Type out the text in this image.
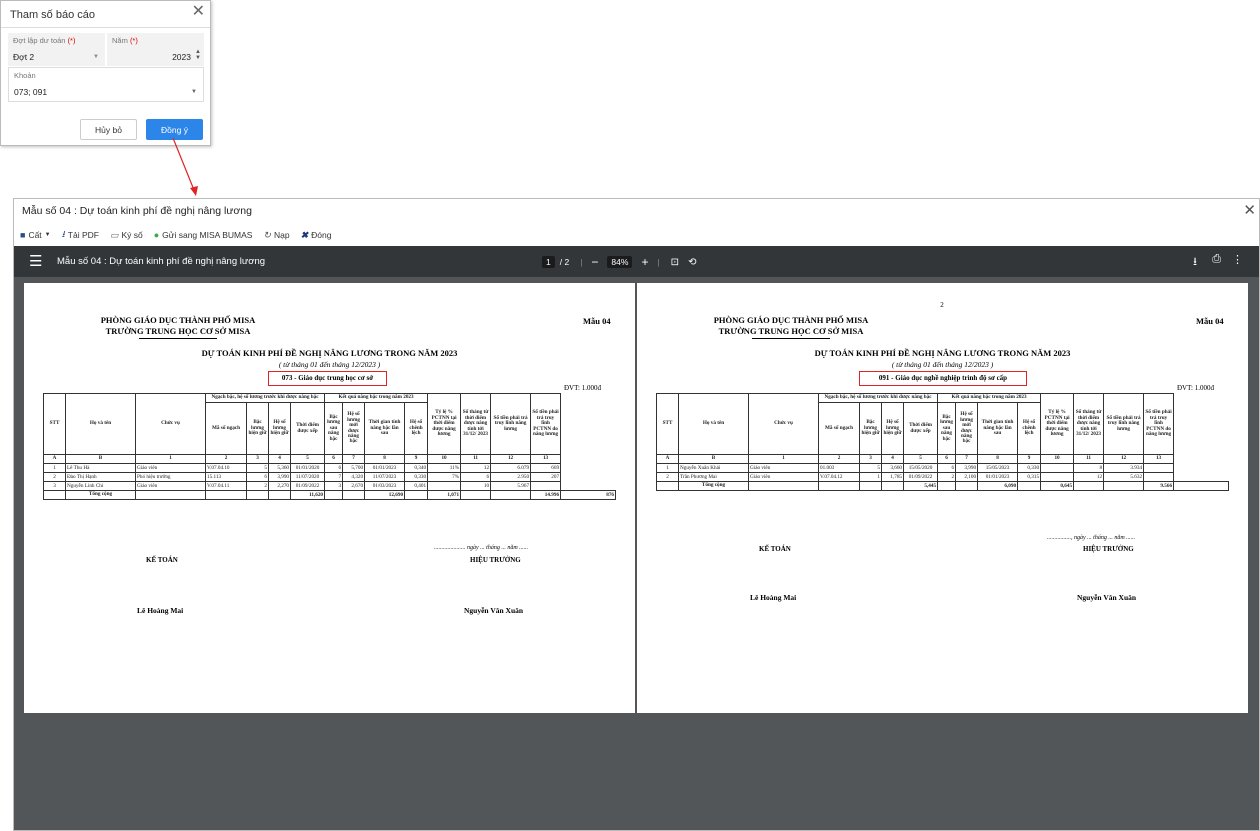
Tham số báo cáo	✕
Đợt lập dư toán (*)
Đợt 2	▼
Năm (*)
2023 ▲
▼
Khoản
073; 091	▼
Hủy bỏ	Đồng ý
Mẫu số 04 : Dự toán kinh phí đề nghị nâng lương	✕
■ Cất ▼ ⭳ Tải PDF ▭ Ký số ● Gửi sang MISA BUMAS ↻ Nạp ✖ Đóng
☰ Mẫu số 04 : Dự toán kinh phí đề nghị nâng lương	1	/ 2 | −	84%	+ | ⊡ ⟲	⭳ ⎙ ⋮
PHÒNG GIÁO DỤC THÀNH PHỐ MISA
TRƯỜNG TRUNG HỌC CƠ SỞ MISA
Mẫu 04
DỰ TOÁN KINH PHÍ ĐỀ NGHỊ NÂNG LƯƠNG TRONG NĂM 2023
( từ tháng 01 đến tháng 12/2023 )
073 - Giáo dục trung học cơ sở
ĐVT: 1.000đ
STT	Họ và tên	Chức vụ	Ngạch bậc, hệ số lương trước khi được nâng bậc				Kết quả nâng bậc trong năm 2023				Tỷ lệ % PCTNN tại thời điểm được nâng lương	Số tháng từ thời điểm được nâng tính tới 31/12/ 2023	Số tiền phải trả truy lĩnh nâng lương	Số tiền phải trả truy lĩnh PCTNN do nâng lương	
			Mã số ngạch	Bậc lương hiện giữ	Hệ số lương hiện giữ	Thời điểm được xếp	Bậc lương sau nâng bậc	Hệ số lương mới được nâng bậc	Thời gian tính nâng bậc lần sau	Hệ số chênh lệch					
A	B	1	2	3	4	5	6	7	8	9	10	11	12	13	
1	Lê Thu Hà	Giáo viên	V.07.04.10	5	5,360	01/01/2020	6	5,700	01/01/2023	0,340	11%	12	6.079	669	
2	Đào Thị Hạnh	Phó hiệu trưởng	15.113	6	3,990	11/07/2020	7	4,320	11/07/2023	0,330	7%	6	2.950	207	
3	Nguyễn Linh Chi	Giáo viên	V.07.04.11	2	2,270	01/09/2022	3	2,670	01/03/2023	0,401		10	5.967		
	Tổng cộng					11,620			12,690		1,071			14.996	876
..................... ngày ... tháng ... năm ......
KẾ TOÁN	HIỆU TRƯỞNG
Lê Hoàng Mai	Nguyễn Văn Xuân
2
PHÒNG GIÁO DỤC THÀNH PHỐ MISA
TRƯỜNG TRUNG HỌC CƠ SỞ MISA
Mẫu 04
DỰ TOÁN KINH PHÍ ĐỀ NGHỊ NÂNG LƯƠNG TRONG NĂM 2023
( từ tháng 01 đến tháng 12/2023 )
091 - Giáo dục nghề nghiệp trình độ sơ cấp
ĐVT: 1.000đ
STT	Họ và tên	Chức vụ	Ngạch bậc, hệ số lương trước khi được nâng bậc				Kết quả nâng bậc trong năm 2023				Tỷ lệ % PCTNN tại thời điểm được nâng lương	Số tháng từ thời điểm được nâng tính tới 31/12/ 2023	Số tiền phải trả truy lĩnh nâng lương	Số tiền phải trả truy lĩnh PCTNN do nâng lương	
			Mã số ngạch	Bậc lương hiện giữ	Hệ số lương hiện giữ	Thời điểm được xếp	Bậc lương sau nâng bậc	Hệ số lương mới được nâng bậc	Thời gian tính nâng bậc lần sau	Hệ số chênh lệch					
A	B	1	2	3	4	5	6	7	8	9	10	11	12	13	
1	Nguyễn Xuân Khải	Giáo viên	01.003	5	3,660	15/05/2020	6	3,990	15/05/2023	0,330		8	3.934		
2	Trần Phương Mai	Giáo viên	V.07.04.12	1	1,785	01/09/2022	2	2,100	01/01/2023	0,315		12	5.632		
	Tổng cộng					5,445			6,090		0,645			9.566	
................, ngày ... tháng ... năm ......
KẾ TOÁN	HIỆU TRƯỞNG
Lê Hoàng Mai	Nguyễn Văn Xuân
